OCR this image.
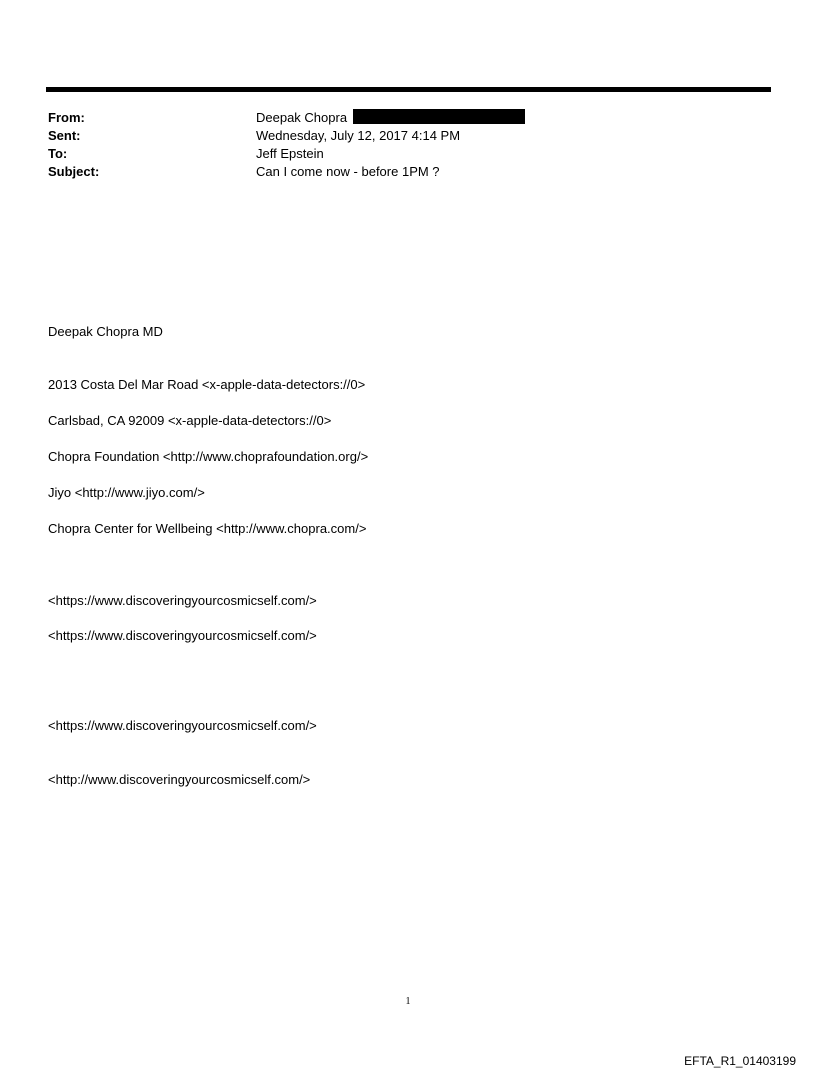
From:	Deepak Chopra
Sent:	Wednesday, July 12, 2017 4:14 PM
To:	Jeff Epstein
Subject:	Can I come now - before 1PM ?
Deepak Chopra MD
2013 Costa Del Mar Road <x-apple-data-detectors://0>
Carlsbad, CA 92009 <x-apple-data-detectors://0>
Chopra Foundation <http://www.choprafoundation.org/>
Jiyo <http://www.jiyo.com/>
Chopra Center for Wellbeing <http://www.chopra.com/>
<https://www.discoveringyourcosmicself.com/>
<https://www.discoveringyourcosmicself.com/>
<https://www.discoveringyourcosmicself.com/>
<http://www.discoveringyourcosmicself.com/>
1
EFTA_R1_01403199
